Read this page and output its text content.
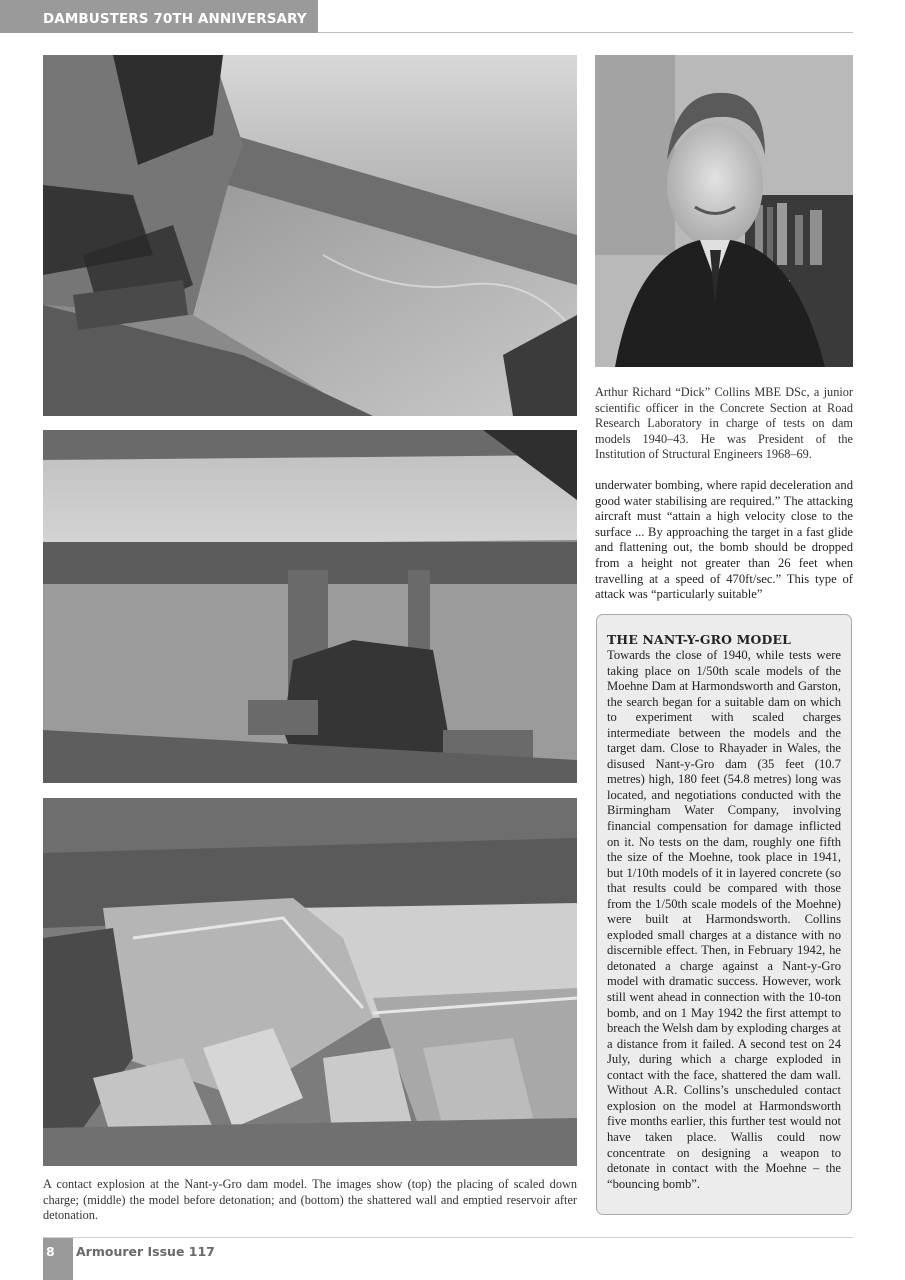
DAMBUSTERS 70TH ANNIVERSARY
A contact explosion at the Nant-y-Gro dam model. The images show (top) the placing of scaled down charge; (middle) the model before detonation; and (bottom) the shattered wall and emptied reservoir after detonation.
Arthur Richard “Dick” Collins MBE DSc, a junior scientific officer in the Concrete Section at Road Research Laboratory in charge of tests on dam models 1940–43. He was President of the Institution of Structural Engineers 1968–69.

underwater bombing, where rapid deceleration and good water stabilising are required.” The attacking aircraft must “attain a high velocity close to the surface ... By approaching the target in a fast glide and flattening out, the bomb should be dropped from a height not greater than 26 feet when travelling at a speed of 470ft/sec.” This type of attack was “particularly suitable”

THE NANT-Y-GRO MODEL

Towards the close of 1940, while tests were taking place on 1/50th scale models of the Moehne Dam at Harmondsworth and Garston, the search began for a suitable dam on which to experiment with scaled charges intermediate between the models and the target dam. Close to Rhayader in Wales, the disused Nant-y-Gro dam (35 feet (10.7 metres) high, 180 feet (54.8 metres) long was located, and negotiations conducted with the Birmingham Water Company, involving financial compensation for damage inflicted on it. No tests on the dam, roughly one fifth the size of the Moehne, took place in 1941, but 1/10th models of it in layered concrete (so that results could be compared with those from the 1/50th scale models of the Moehne) were built at Harmondsworth. Collins exploded small charges at a distance with no discernible effect. Then, in February 1942, he detonated a charge against a Nant-y-Gro model with dramatic success. However, work still went ahead in connection with the 10-ton bomb, and on 1 May 1942 the first attempt to breach the Welsh dam by exploding charges at a distance from it failed. A second test on 24 July, during which a charge exploded in contact with the face, shattered the dam wall. Without A.R. Collins’s unscheduled contact explosion on the model at Harmondsworth five months earlier, this further test would not have taken place. Wallis could now concentrate on designing a weapon to detonate in contact with the Moehne – the “bouncing bomb”.

8 Armourer Issue 117
